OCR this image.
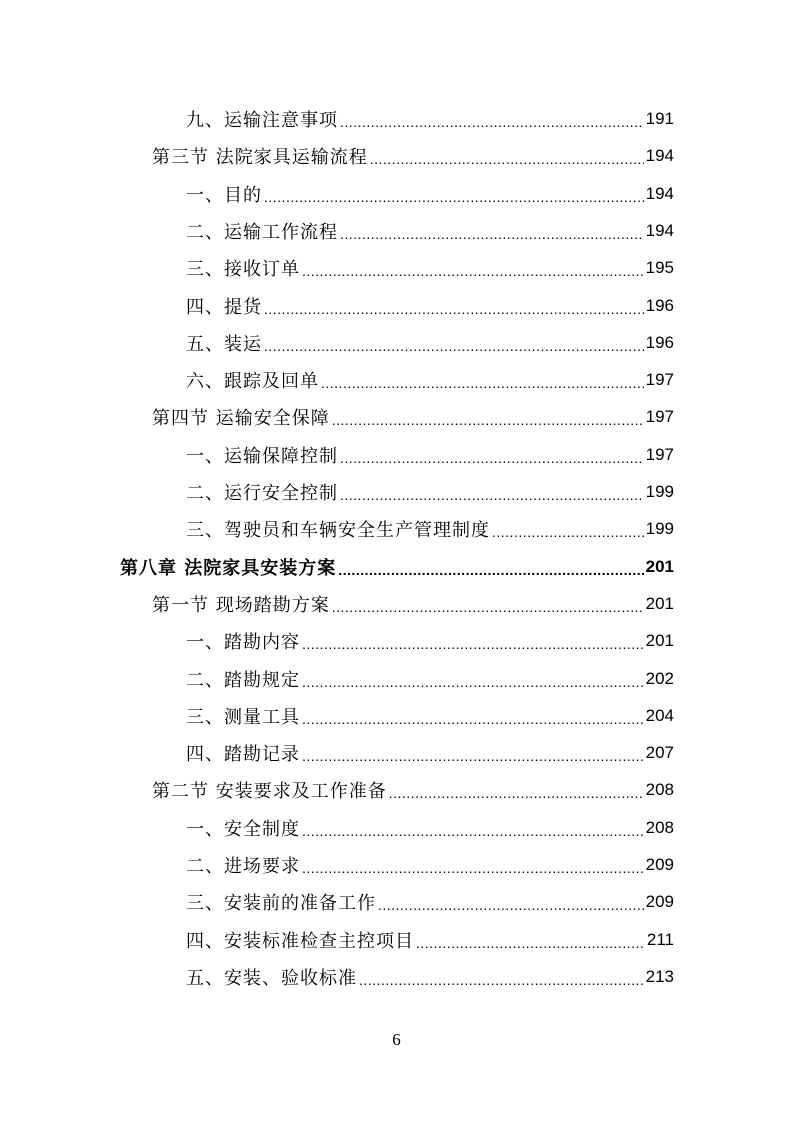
九、运输注意事项 .....	191
第三节 法院家具运输流程 .....	194
一、目的 .....	194
二、运输工作流程 .....	194
三、接收订单 .....	195
四、提货 .....	196
五、装运 .....	196
六、跟踪及回单 .....	197
第四节 运输安全保障 .....	197
一、运输保障控制 .....	197
二、运行安全控制 .....	199
三、驾驶员和车辆安全生产管理制度 .....	199
第八章 法院家具安装方案 .....	201
第一节 现场踏勘方案 .....	201
一、踏勘内容 .....	201
二、踏勘规定 .....	202
三、测量工具 .....	204
四、踏勘记录 .....	207
第二节 安装要求及工作准备 .....	208
一、安全制度 .....	208
二、进场要求 .....	209
三、安装前的准备工作 .....	209
四、安装标准检查主控项目 .....	211
五、安装、验收标准 .....	213
6
